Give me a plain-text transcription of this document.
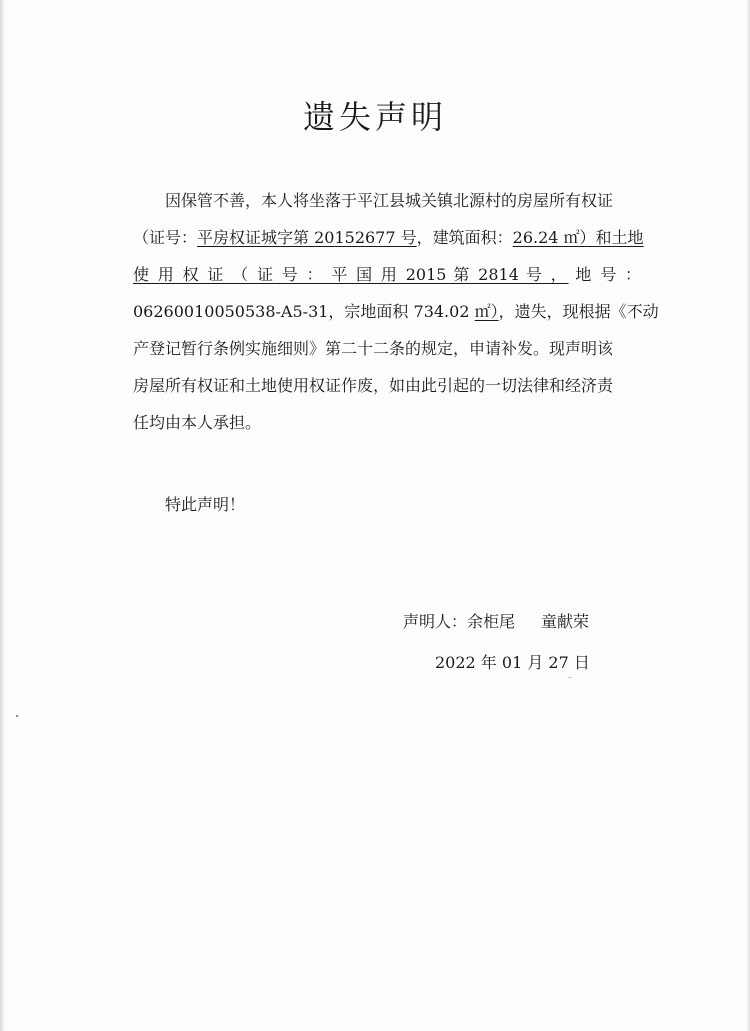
遗失声明
因保管不善，本人将坐落于平江县城关镇北源村的房屋所有权证
（证号：平房权证城字第 20152677 号，建筑面积：26.24 ㎡）和土地
使 用 权 证 （ 证 号 ： 平 国 用 2015 第 2814 号 ， 地 号 ：
06260010050538-A5-31，宗地面积 734.02 ㎡），遗失，现根据《不动
产登记暂行条例实施细则》第二十二条的规定，申请补发。现声明该
房屋所有权证和土地使用权证作废，如由此引起的一切法律和经济责
任均由本人承担。
特此声明！
声明人：余柜尾 童献荣
2022 年 01 月 27 日
